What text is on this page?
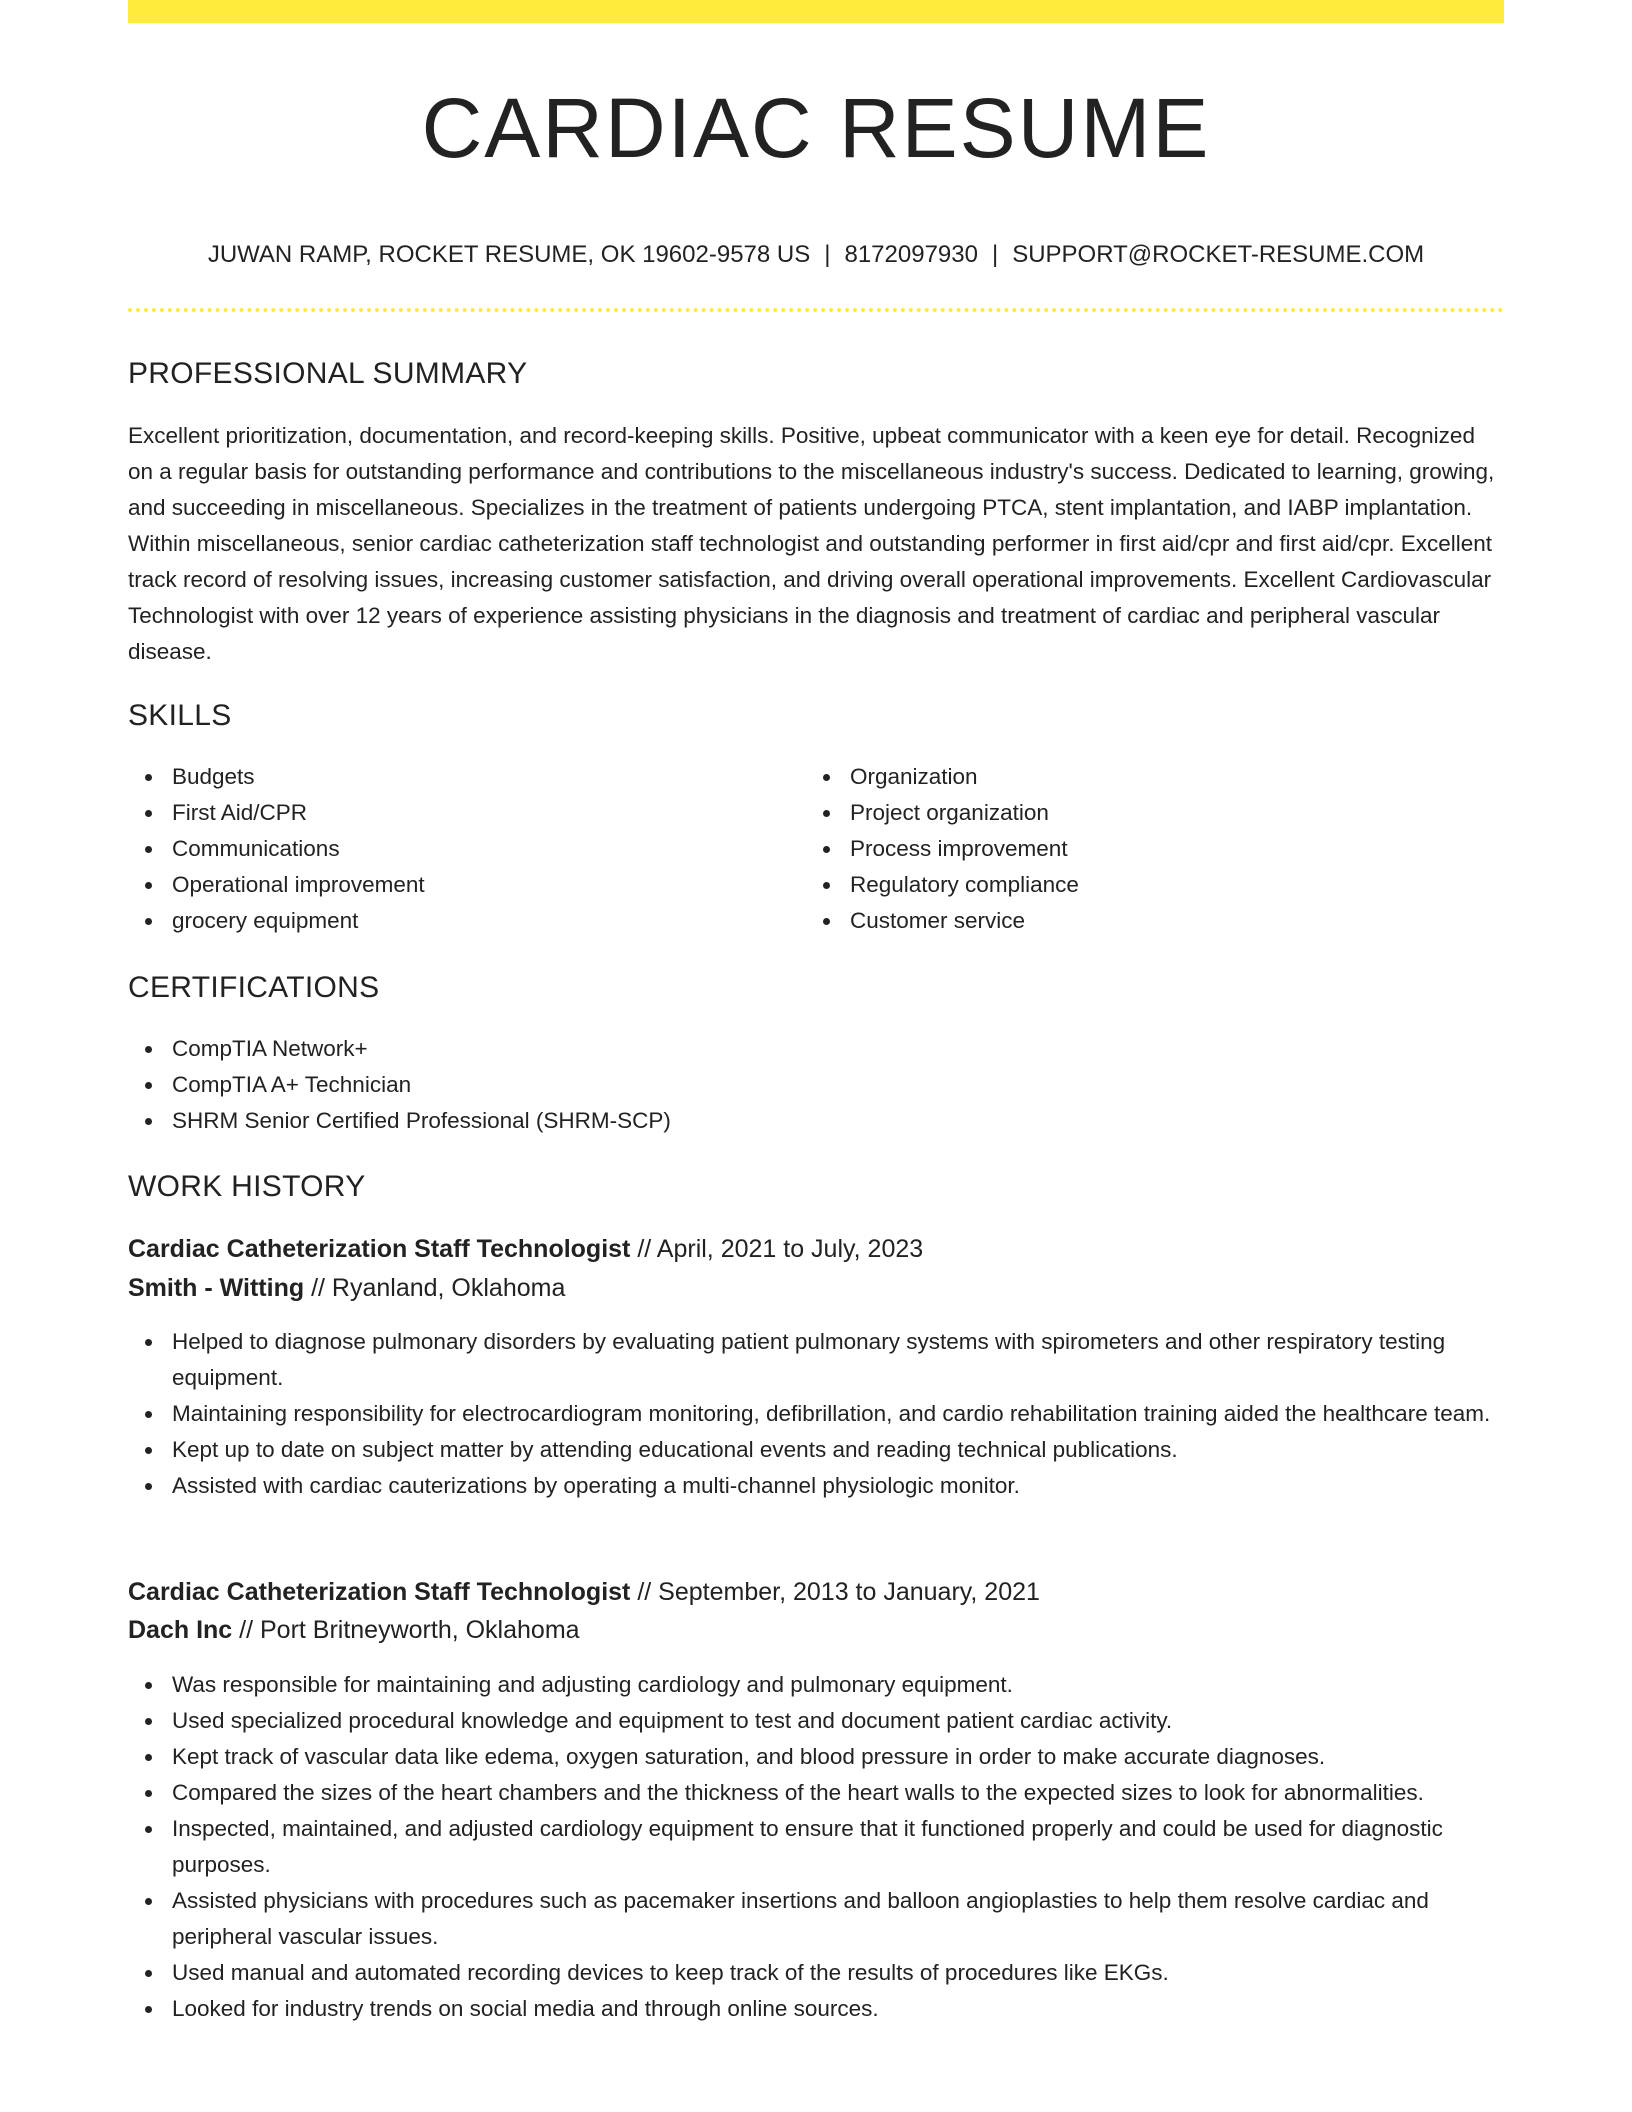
CARDIAC RESUME
JUWAN RAMP, ROCKET RESUME, OK 19602-9578 US | 8172097930 | SUPPORT@ROCKET-RESUME.COM
PROFESSIONAL SUMMARY

Excellent prioritization, documentation, and record-keeping skills. Positive, upbeat communicator with a keen eye for detail. Recognized on a regular basis for outstanding performance and contributions to the miscellaneous industry's success. Dedicated to learning, growing, and succeeding in miscellaneous. Specializes in the treatment of patients undergoing PTCA, stent implantation, and IABP implantation. Within miscellaneous, senior cardiac catheterization staff technologist and outstanding performer in first aid/cpr and first aid/cpr. Excellent track record of resolving issues, increasing customer satisfaction, and driving overall operational improvements. Excellent Cardiovascular Technologist with over 12 years of experience assisting physicians in the diagnosis and treatment of cardiac and peripheral vascular disease.

SKILLS
Budgets
First Aid/CPR
Communications
Operational improvement
grocery equipment
Organization
Project organization
Process improvement
Regulatory compliance
Customer service
CERTIFICATIONS
CompTIA Network+
CompTIA A+ Technician
SHRM Senior Certified Professional (SHRM-SCP)
WORK HISTORY
Cardiac Catheterization Staff Technologist // April, 2021 to July, 2023
Smith - Witting // Ryanland, Oklahoma
Helped to diagnose pulmonary disorders by evaluating patient pulmonary systems with spirometers and other respiratory testing equipment.
Maintaining responsibility for electrocardiogram monitoring, defibrillation, and cardio rehabilitation training aided the healthcare team.
Kept up to date on subject matter by attending educational events and reading technical publications.
Assisted with cardiac cauterizations by operating a multi-channel physiologic monitor.
Cardiac Catheterization Staff Technologist // September, 2013 to January, 2021
Dach Inc // Port Britneyworth, Oklahoma
Was responsible for maintaining and adjusting cardiology and pulmonary equipment.
Used specialized procedural knowledge and equipment to test and document patient cardiac activity.
Kept track of vascular data like edema, oxygen saturation, and blood pressure in order to make accurate diagnoses.
Compared the sizes of the heart chambers and the thickness of the heart walls to the expected sizes to look for abnormalities.
Inspected, maintained, and adjusted cardiology equipment to ensure that it functioned properly and could be used for diagnostic purposes.
Assisted physicians with procedures such as pacemaker insertions and balloon angioplasties to help them resolve cardiac and peripheral vascular issues.
Used manual and automated recording devices to keep track of the results of procedures like EKGs.
Looked for industry trends on social media and through online sources.
